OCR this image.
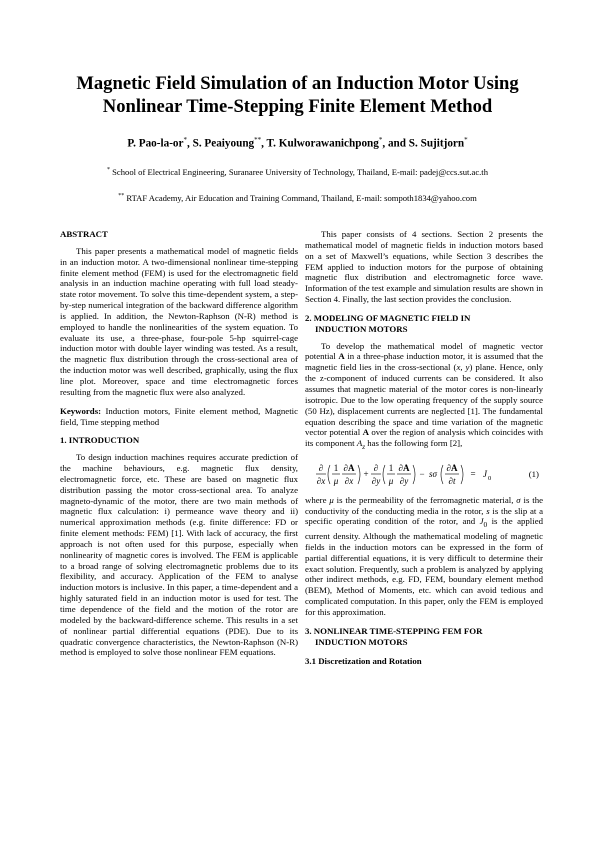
Magnetic Field Simulation of an Induction Motor Using
Nonlinear Time-Stepping Finite Element Method
P. Pao-la-or*, S. Peaiyoung**, T. Kulworawanichpong*, and S. Sujitjorn*
* School of Electrical Engineering, Suranaree University of Technology, Thailand, E-mail: padej@ccs.sut.ac.th
** RTAF Academy, Air Education and Training Command, Thailand, E-mail: sompoth1834@yahoo.com
ABSTRACT

This paper presents a mathematical model of magnetic fields in an induction motor. A two-dimensional nonlinear time-stepping finite element method (FEM) is used for the electromagnetic field analysis in an induction machine operating with full load steady-state rotor movement. To solve this time-dependent system, a step-by-step numerical integration of the backward difference algorithm is applied. In addition, the Newton-Raphson (N-R) method is employed to handle the nonlinearities of the system equation. To evaluate its use, a three-phase, four-pole 5-hp squirrel-cage induction motor with double layer winding was tested. As a result, the magnetic flux distribution through the cross-sectional area of the induction motor was well described, graphically, using the flux line plot. Moreover, space and time electromagnetic forces resulting from the magnetic flux were also analyzed.

Keywords: Induction motors, Finite element method, Magnetic field, Time stepping method

1. INTRODUCTION

To design induction machines requires accurate prediction of the machine behaviours, e.g. magnetic flux density, electromagnetic force, etc. These are based on magnetic flux distribution passing the motor cross-sectional area. To analyze magneto-dynamic of the motor, there are two main methods of magnetic flux calculation: i) permeance wave theory and ii) numerical approximation methods (e.g. finite difference: FD or finite element methods: FEM) [1]. With lack of accuracy, the first approach is not often used for this purpose, especially when nonlinearity of magnetic cores is involved. The FEM is applicable to a broad range of solving electromagnetic problems due to its flexibility, and accuracy. Application of the FEM to analyse induction motors is inclusive. In this paper, a time-dependent and a highly saturated field in an induction motor is used for test. The time dependence of the field and the motion of the rotor are modeled by the backward-difference scheme. This results in a set of nonlinear partial differential equations (PDE). Due to its quadratic convergence characteristics, the Newton-Raphson (N-R) method is employed to solve those nonlinear FEM equations.

This paper consists of 4 sections. Section 2 presents the mathematical model of magnetic fields in induction motors based on a set of Maxwell’s equations, while Section 3 describes the FEM applied to induction motors for the purpose of obtaining magnetic flux distribution and electromagnetic force wave. Information of the test example and simulation results are shown in Section 4. Finally, the last section provides the conclusion.

2. MODELING OF MAGNETIC FIELD IN
INDUCTION MOTORS

To develop the mathematical model of magnetic vector potential A in a three-phase induction motor, it is assumed that the magnetic field lies in the cross-sectional (x, y) plane. Hence, only the z-component of induced currents can be considered. It also assumes that magnetic material of the motor cores is non-linearly isotropic. Due to the low operating frequency of the supply source (50 Hz), displacement currents are neglected [1]. The fundamental equation describing the space and time variation of the magnetic vector potential A over the region of analysis which coincides with its component $A_z$ has the following form [2],

∂
∂x
1
μ
∂A
∂x
+
∂
∂y
1
μ
∂A
∂y
− sσ
∂A
∂t
= J 0	(1)

where μ is the permeability of the ferromagnetic material, σ is the conductivity of the conducting media in the rotor, s is the slip at a specific operating condition of the rotor, and $J_0$ is the applied current density. Although the mathematical modeling of magnetic fields in the induction motors can be expressed in the form of partial differential equations, it is very difficult to determine their exact solution. Frequently, such a problem is analyzed by applying other indirect methods, e.g. FD, FEM, boundary element method (BEM), Method of Moments, etc. which can avoid tedious and complicated computation. In this paper, only the FEM is employed for this approximation.

3. NONLINEAR TIME-STEPPING FEM FOR
INDUCTION MOTORS
3.1 Discretization and Rotation
